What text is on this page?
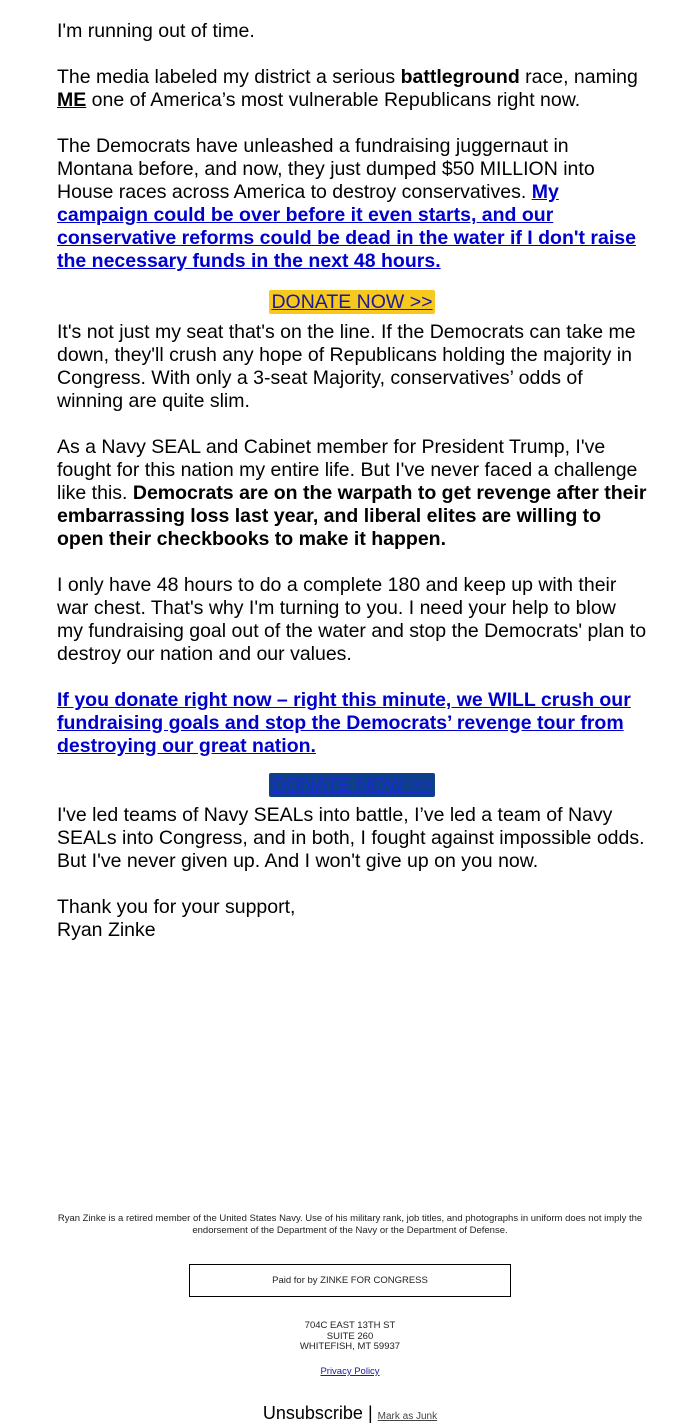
I'm running out of time.

The media labeled my district a serious battleground race, naming ME one of America’s most vulnerable Republicans right now.

The Democrats have unleashed a fundraising juggernaut in Montana before, and now, they just dumped $50 MILLION into House races across America to destroy conservatives. My campaign could be over before it even starts, and our conservative reforms could be dead in the water if I don't raise the necessary funds in the next 48 hours.

DONATE NOW >>

It's not just my seat that's on the line. If the Democrats can take me down, they'll crush any hope of Republicans holding the majority in Congress. With only a 3-seat Majority, conservatives’ odds of winning are quite slim.

As a Navy SEAL and Cabinet member for President Trump, I've fought for this nation my entire life. But I've never faced a challenge like this. Democrats are on the warpath to get revenge after their embarrassing loss last year, and liberal elites are willing to open their checkbooks to make it happen.

I only have 48 hours to do a complete 180 and keep up with their war chest. That's why I'm turning to you. I need your help to blow my fundraising goal out of the water and stop the Democrats' plan to destroy our nation and our values.

If you donate right now – right this minute, we WILL crush our fundraising goals and stop the Democrats’ revenge tour from destroying our great nation.

DONATE NOW >>

I've led teams of Navy SEALs into battle, I’ve led a team of Navy SEALs into Congress, and in both, I fought against impossible odds. But I've never given up. And I won't give up on you now.

Thank you for your support,
Ryan Zinke

Ryan Zinke is a retired member of the United States Navy. Use of his military rank, job titles, and photographs in uniform does not imply the endorsement of the Department of the Navy or the Department of Defense.
Paid for by ZINKE FOR CONGRESS
704C EAST 13TH ST
SUITE 260
WHITEFISH, MT 59937
Privacy Policy
Unsubscribe | Mark as Junk
